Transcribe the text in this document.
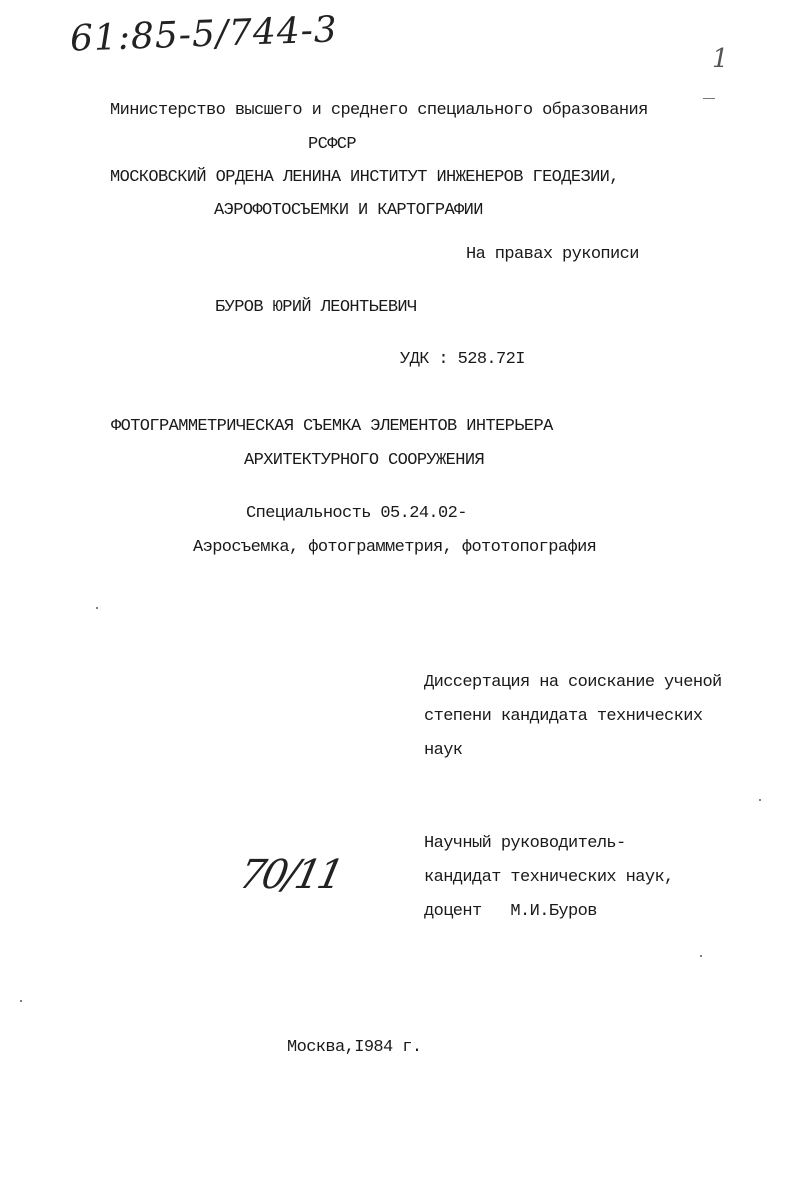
61:85-5/744-3	1
Министерство высшего и среднего специального образования
РСФСР
МОСКОВСКИЙ ОРДЕНА ЛЕНИНА ИНСТИТУТ ИНЖЕНЕРОВ ГЕОДЕЗИИ,
АЭРОФОТОСЪЕМКИ И КАРТОГРАФИИ
На правах рукописи
БУРОВ ЮРИЙ ЛЕОНТЬЕВИЧ
УДК : 528.72I
ФОТОГРАММЕТРИЧЕСКАЯ СЪЕМКА ЭЛЕМЕНТОВ ИНТЕРЬЕРА
АРХИТЕКТУРНОГО СООРУЖЕНИЯ
Специальность 05.24.02-
Аэросъемка, фотограмметрия, фототопография
Диссертация на соискание ученой
степени кандидата технических
наук
70/11
Научный руководитель-
кандидат технических наук,
доцент   М.И.Буров
Москва,I984 г.
